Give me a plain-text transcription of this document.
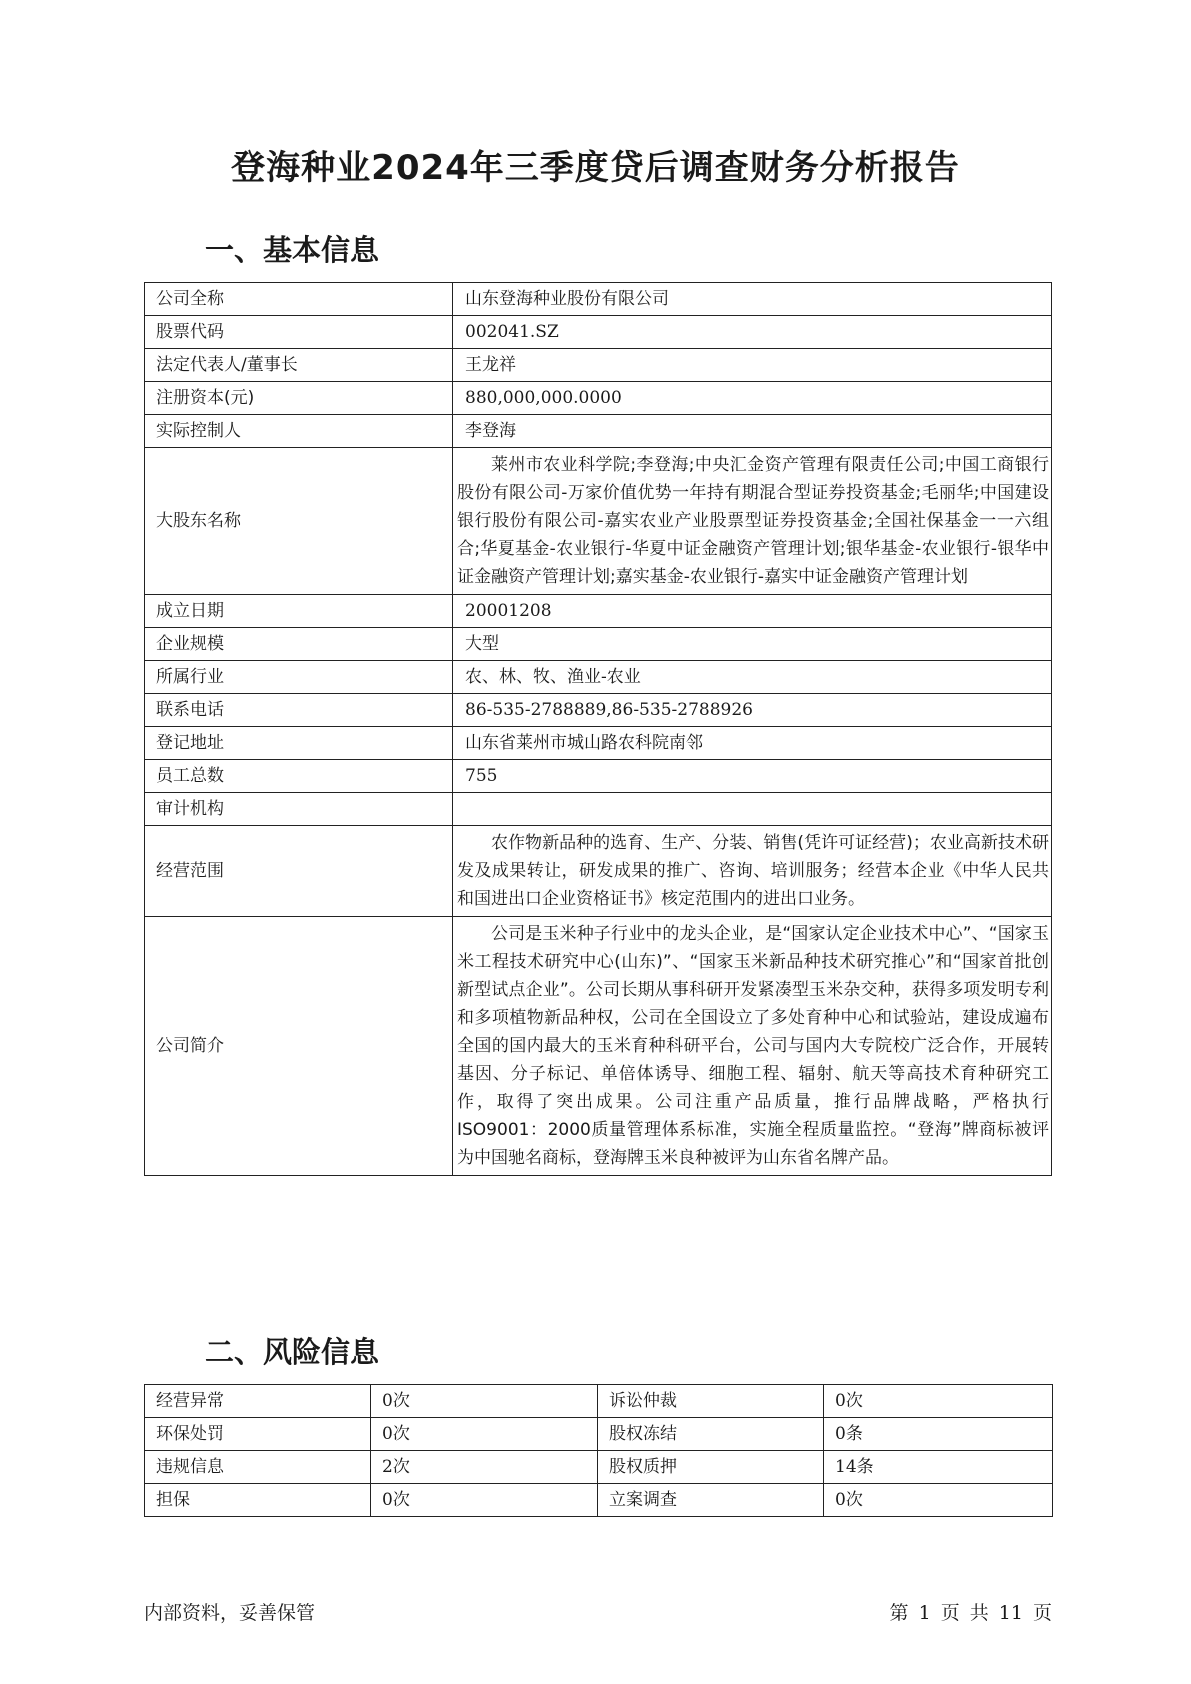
登海种业2024年三季度贷后调查财务分析报告
一、基本信息
公司全称	山东登海种业股份有限公司
股票代码	002041.SZ
法定代表人/董事长	王龙祥
注册资本(元)	880,000,000.0000
实际控制人	李登海
大股东名称	莱州市农业科学院;李登海;中央汇金资产管理有限责任公司;中国工商银行股份有限公司-万家价值优势一年持有期混合型证券投资基金;毛丽华;中国建设银行股份有限公司-嘉实农业产业股票型证券投资基金;全国社保基金一一六组合;华夏基金-农业银行-华夏中证金融资产管理计划;银华基金-农业银行-银华中证金融资产管理计划;嘉实基金-农业银行-嘉实中证金融资产管理计划
成立日期	20001208
企业规模	大型
所属行业	农、林、牧、渔业-农业
联系电话	86-535-2788889,86-535-2788926
登记地址	山东省莱州市城山路农科院南邻
员工总数	755
审计机构	
经营范围	农作物新品种的选育、生产、分装、销售(凭许可证经营)；农业高新技术研发及成果转让，研发成果的推广、咨询、培训服务；经营本企业《中华人民共和国进出口企业资格证书》核定范围内的进出口业务。
公司简介	公司是玉米种子行业中的龙头企业，是“国家认定企业技术中心”、“国家玉米工程技术研究中心(山东)”、“国家玉米新品种技术研究推心”和“国家首批创新型试点企业”。公司长期从事科研开发紧凑型玉米杂交种，获得多项发明专利和多项植物新品种权，公司在全国设立了多处育种中心和试验站，建设成遍布全国的国内最大的玉米育种科研平台，公司与国内大专院校广泛合作，开展转基因、分子标记、单倍体诱导、细胞工程、辐射、航天等高技术育种研究工作，取得了突出成果。公司注重产品质量，推行品牌战略，严格执行ISO9001：2000质量管理体系标准，实施全程质量监控。“登海”牌商标被评为中国驰名商标，登海牌玉米良种被评为山东省名牌产品。
二、风险信息
经营异常	0次	诉讼仲裁	0次
环保处罚	0次	股权冻结	0条
违规信息	2次	股权质押	14条
担保	0次	立案调查	0次
内部资料，妥善保管	第 1 页 共 11 页
